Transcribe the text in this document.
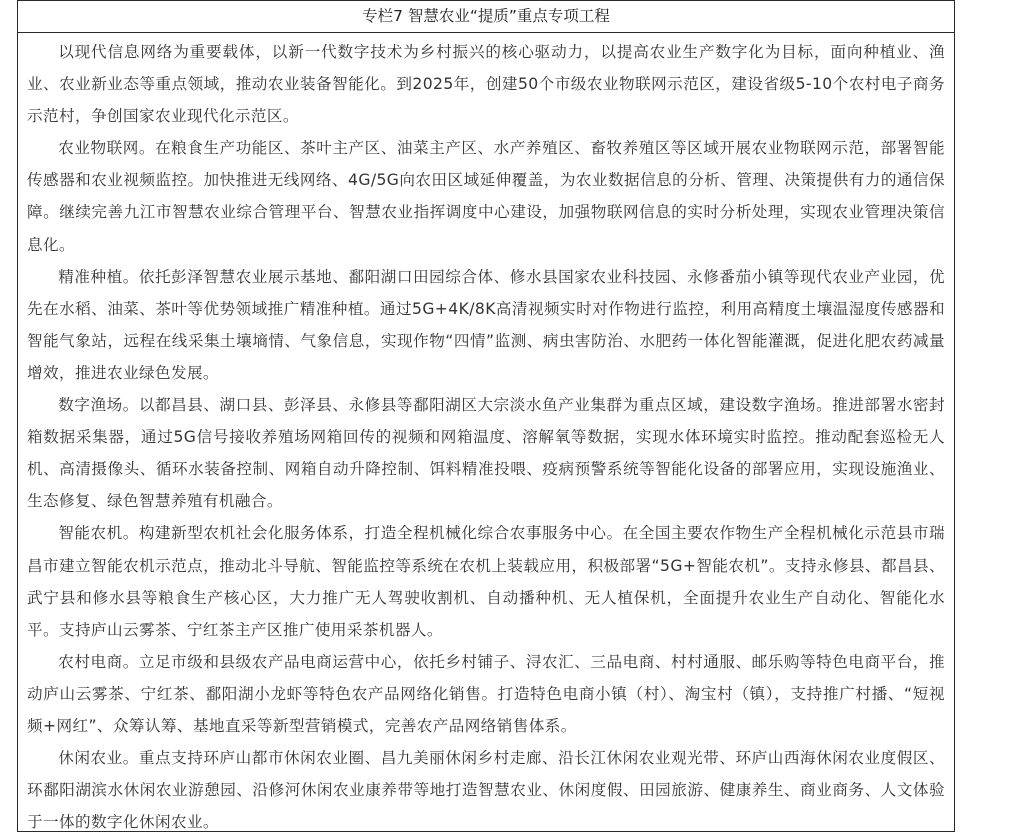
专栏7 智慧农业“提质”重点专项工程

以现代信息网络为重要载体，以新一代数字技术为乡村振兴的核心驱动力，以提高农业生产数字化为目标，面向种植业、渔业、农业新业态等重点领域，推动农业装备智能化。到2025年，创建50个市级农业物联网示范区，建设省级5-10个农村电子商务示范村，争创国家农业现代化示范区。

农业物联网。在粮食生产功能区、茶叶主产区、油菜主产区、水产养殖区、畜牧养殖区等区域开展农业物联网示范，部署智能传感器和农业视频监控。加快推进无线网络、4G/5G向农田区域延伸覆盖，为农业数据信息的分析、管理、决策提供有力的通信保障。继续完善九江市智慧农业综合管理平台、智慧农业指挥调度中心建设，加强物联网信息的实时分析处理，实现农业管理决策信息化。

精准种植。依托彭泽智慧农业展示基地、鄱阳湖口田园综合体、修水县国家农业科技园、永修番茄小镇等现代农业产业园，优先在水稻、油菜、茶叶等优势领域推广精准种植。通过5G+4K/8K高清视频实时对作物进行监控，利用高精度土壤温湿度传感器和智能气象站，远程在线采集土壤墒情、气象信息，实现作物“四情”监测、病虫害防治、水肥药一体化智能灌溉，促进化肥农药减量增效，推进农业绿色发展。

数字渔场。以都昌县、湖口县、彭泽县、永修县等鄱阳湖区大宗淡水鱼产业集群为重点区域，建设数字渔场。推进部署水密封箱数据采集器，通过5G信号接收养殖场网箱回传的视频和网箱温度、溶解氧等数据，实现水体环境实时监控。推动配套巡检无人机、高清摄像头、循环水装备控制、网箱自动升降控制、饵料精准投喂、疫病预警系统等智能化设备的部署应用，实现设施渔业、生态修复、绿色智慧养殖有机融合。

智能农机。构建新型农机社会化服务体系，打造全程机械化综合农事服务中心。在全国主要农作物生产全程机械化示范县市瑞昌市建立智能农机示范点，推动北斗导航、智能监控等系统在农机上装载应用，积极部署“5G+智能农机”。支持永修县、都昌县、武宁县和修水县等粮食生产核心区，大力推广无人驾驶收割机、自动播种机、无人植保机，全面提升农业生产自动化、智能化水平。支持庐山云雾茶、宁红茶主产区推广使用采茶机器人。

农村电商。立足市级和县级农产品电商运营中心，依托乡村铺子、浔农汇、三品电商、村村通服、邮乐购等特色电商平台，推动庐山云雾茶、宁红茶、鄱阳湖小龙虾等特色农产品网络化销售。打造特色电商小镇（村）、淘宝村（镇），支持推广村播、“短视频+网红”、众筹认筹、基地直采等新型营销模式，完善农产品网络销售体系。

休闲农业。重点支持环庐山都市休闲农业圈、昌九美丽休闲乡村走廊、沿长江休闲农业观光带、环庐山西海休闲农业度假区、环鄱阳湖滨水休闲农业游憩园、沿修河休闲农业康养带等地打造智慧农业、休闲度假、田园旅游、健康养生、商业商务、人文体验于一体的数字化休闲农业。
